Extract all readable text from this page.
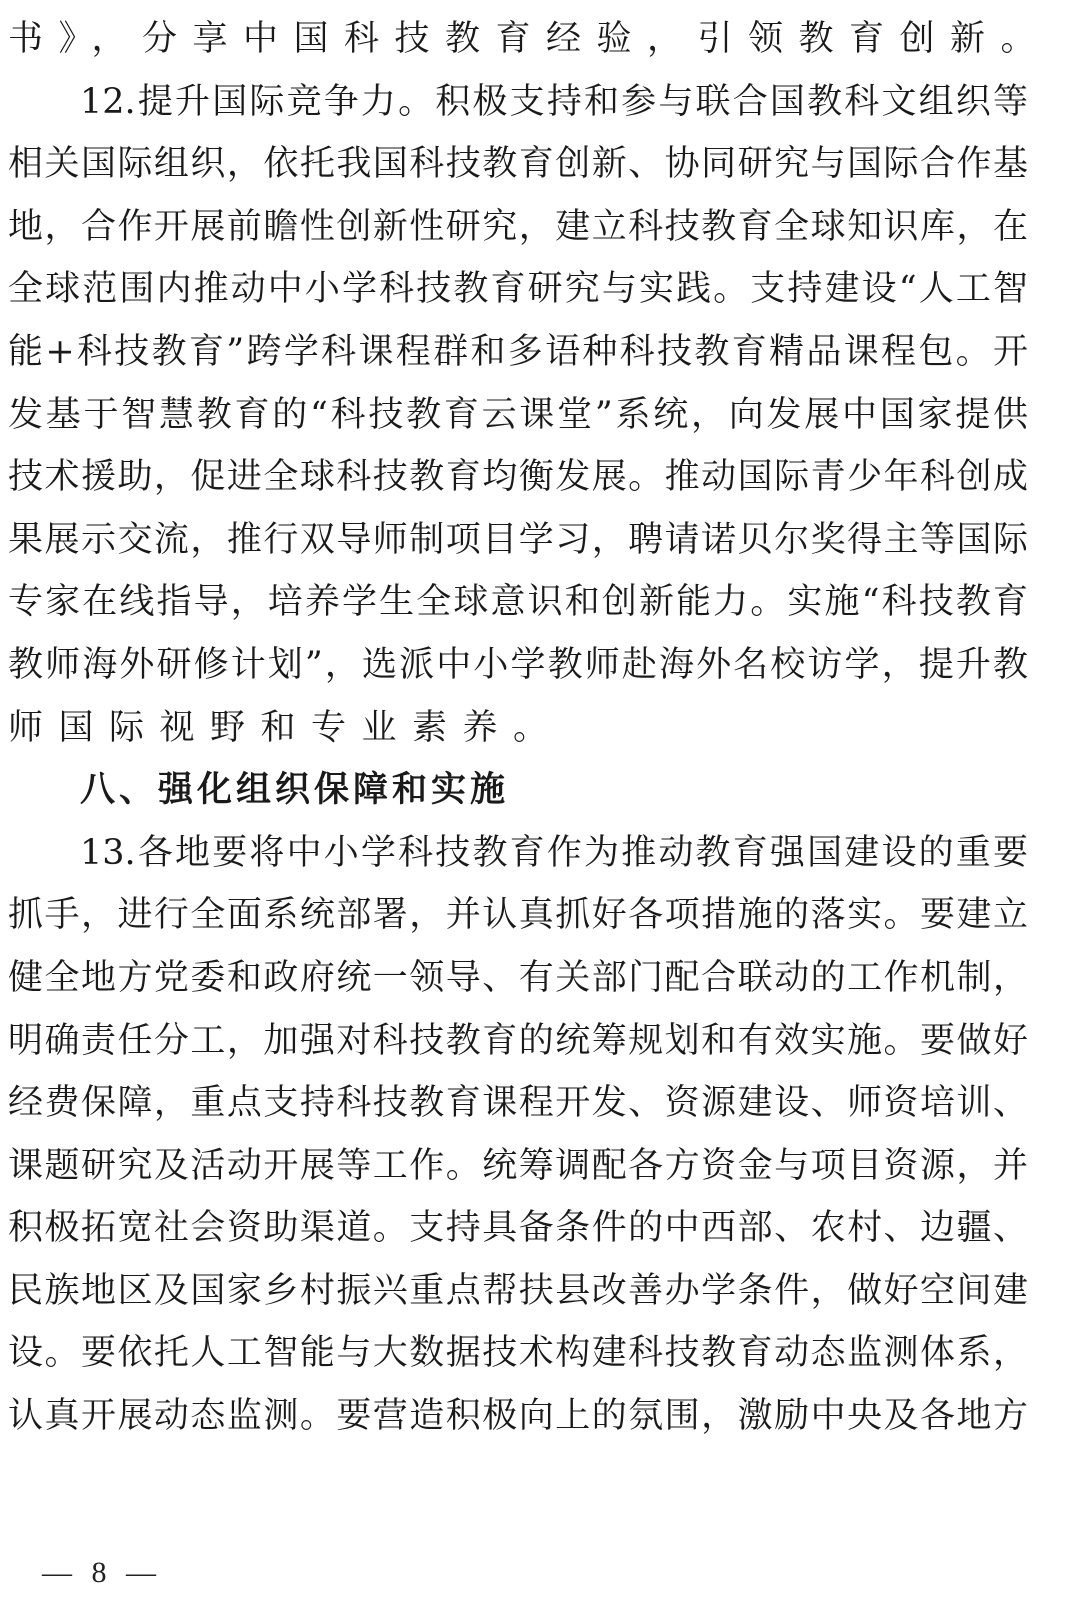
书》，分享中国科技教育经验，引领教育创新。
12.提升国际竞争力。积极支持和参与联合国教科文组织等
相关国际组织，依托我国科技教育创新、协同研究与国际合作基
地，合作开展前瞻性创新性研究，建立科技教育全球知识库，在
全球范围内推动中小学科技教育研究与实践。支持建设“人工智
能+科技教育”跨学科课程群和多语种科技教育精品课程包。开
发基于智慧教育的“科技教育云课堂”系统，向发展中国家提供
技术援助，促进全球科技教育均衡发展。推动国际青少年科创成
果展示交流，推行双导师制项目学习，聘请诺贝尔奖得主等国际
专家在线指导，培养学生全球意识和创新能力。实施“科技教育
教师海外研修计划”，选派中小学教师赴海外名校访学，提升教
师国际视野和专业素养。
八、强化组织保障和实施
13.各地要将中小学科技教育作为推动教育强国建设的重要
抓手，进行全面系统部署，并认真抓好各项措施的落实。要建立
健全地方党委和政府统一领导、有关部门配合联动的工作机制，
明确责任分工，加强对科技教育的统筹规划和有效实施。要做好
经费保障，重点支持科技教育课程开发、资源建设、师资培训、
课题研究及活动开展等工作。统筹调配各方资金与项目资源，并
积极拓宽社会资助渠道。支持具备条件的中西部、农村、边疆、
民族地区及国家乡村振兴重点帮扶县改善办学条件，做好空间建
设。要依托人工智能与大数据技术构建科技教育动态监测体系，
认真开展动态监测。要营造积极向上的氛围，激励中央及各地方
— 8 —
